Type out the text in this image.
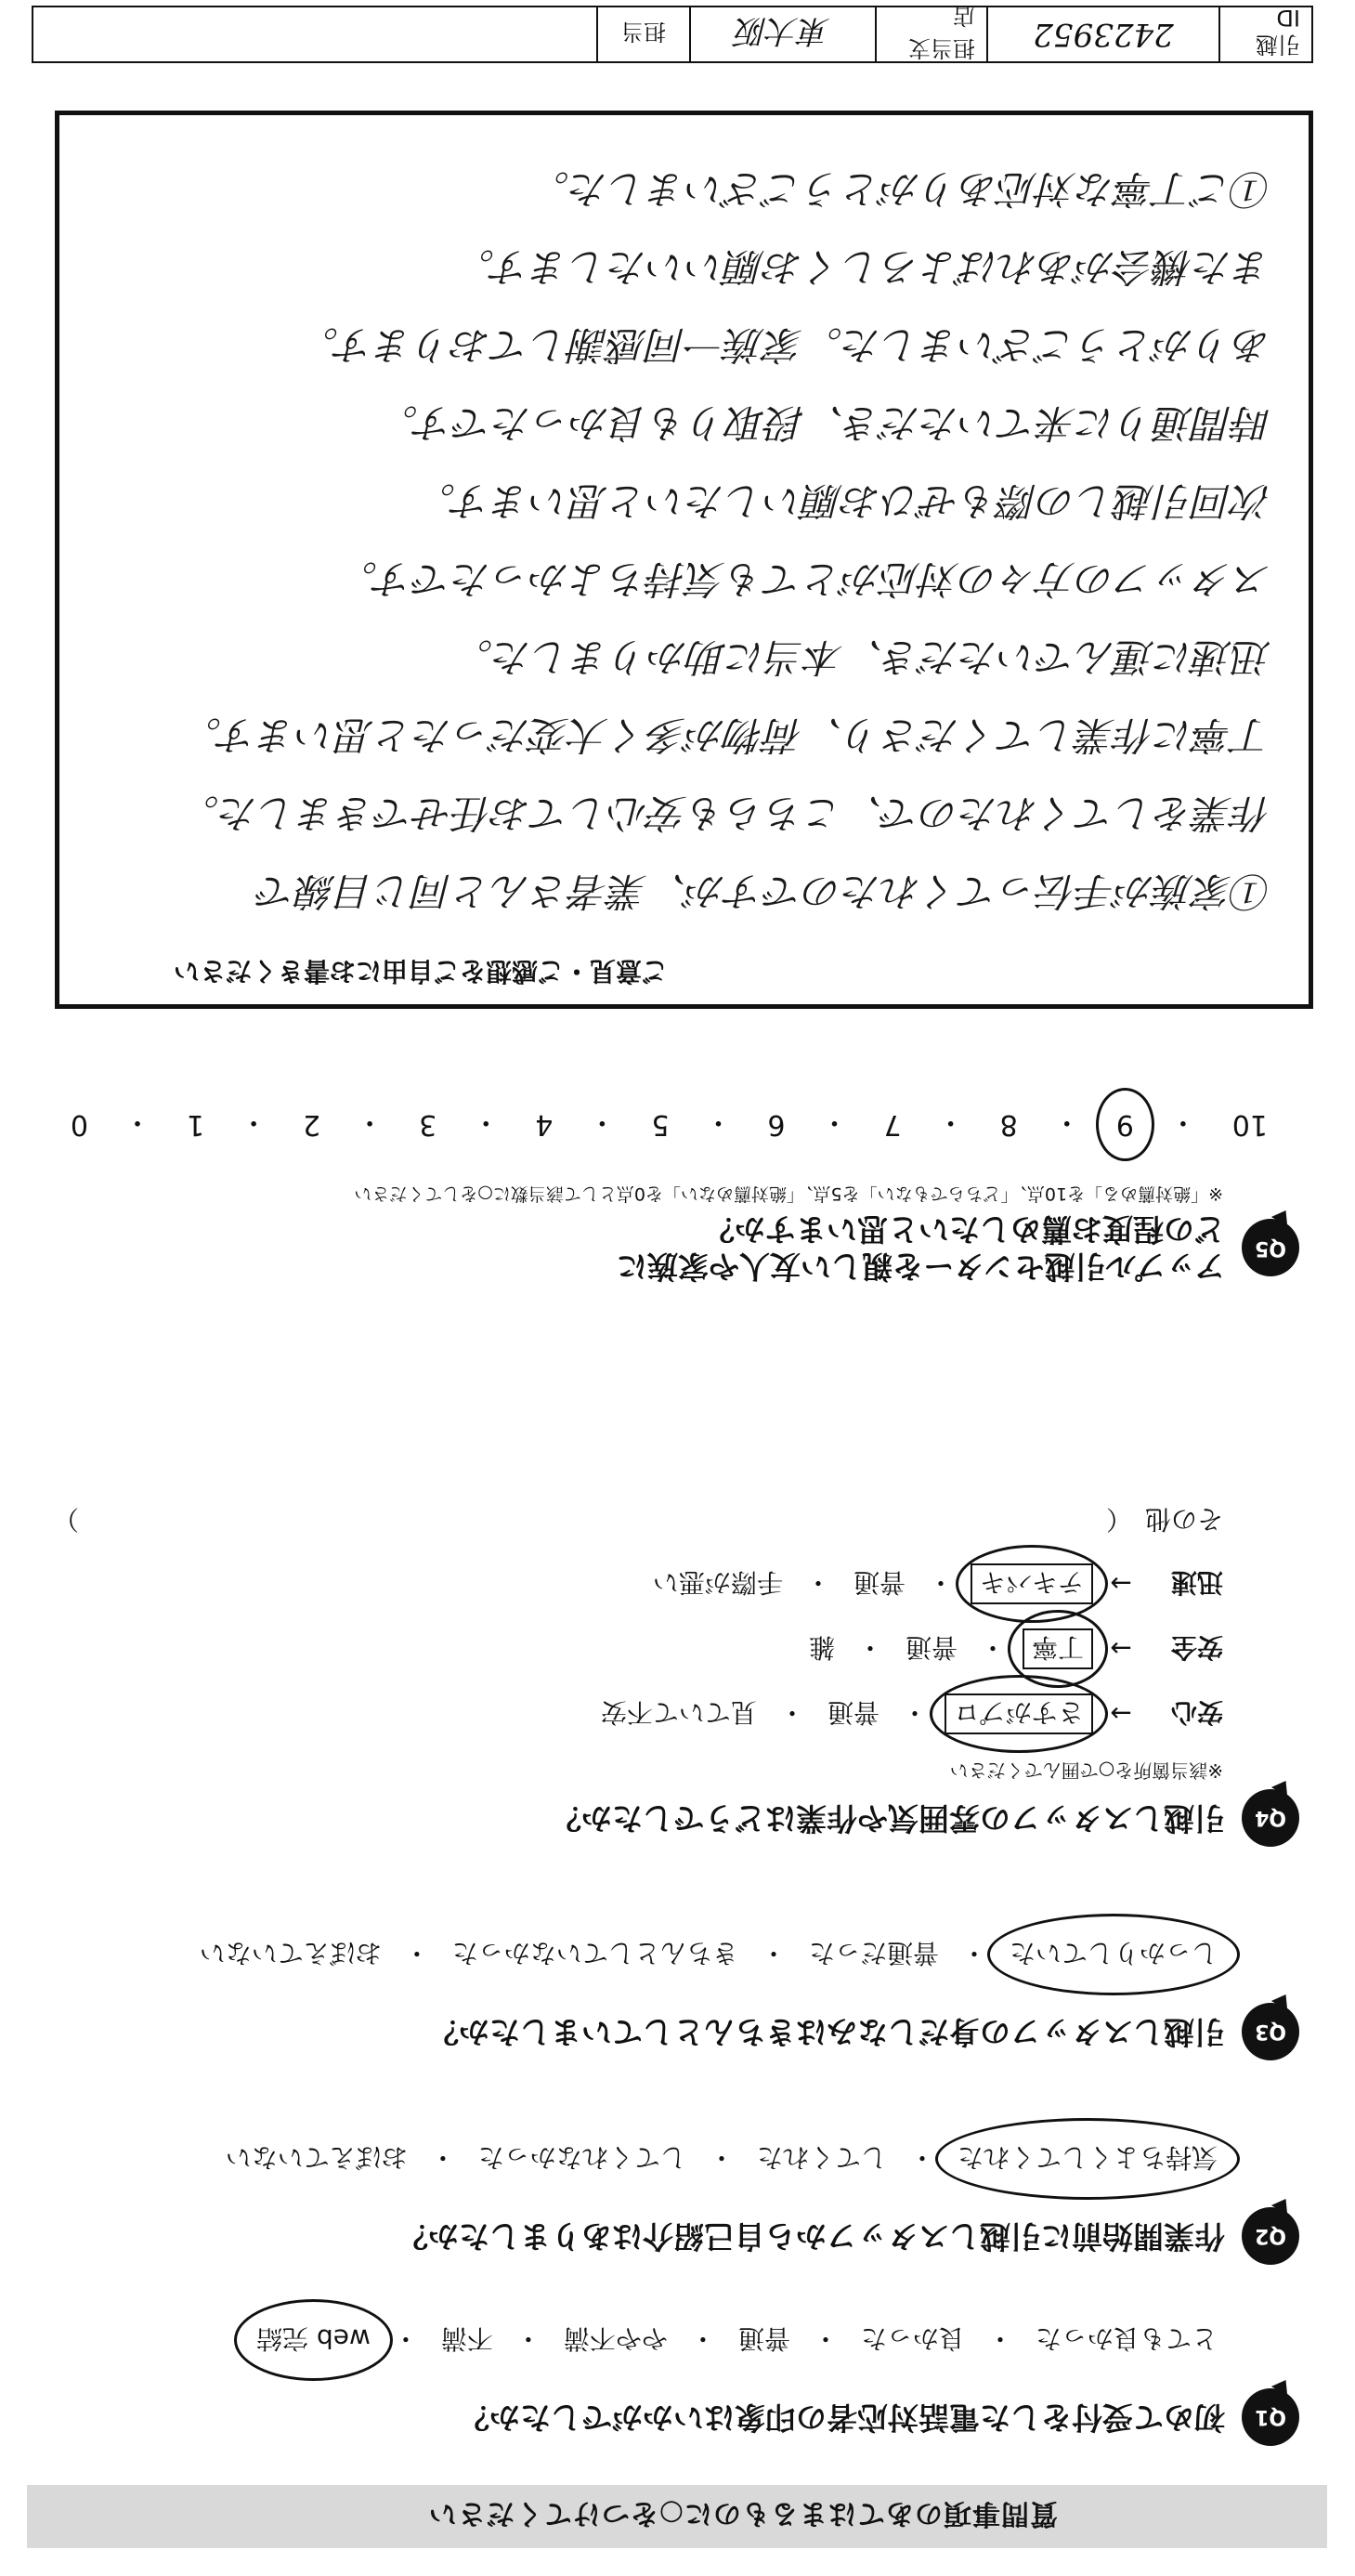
質問事項のあてはまるものに○をつけてください
Q1
初めて受付をした電話対応者の印象はいかがでしたか？
とても良かった
・
良かった
・
普通
・
やや不満
・
不満
・
web 完結
Q2
作業開始前に引越しスタッフから自己紹介はありましたか？
気持ちよくしてくれた
・
してくれた
・
してくれなかった
・
おぼえていない
Q3
引越しスタッフの身だしなみはきちんとしていましたか？
しっかりしていた
・
普通だった
・
きちんとしていなかった
・
おぼえていない
Q4
引越しスタッフの雰囲気や作業はどうでしたか？
※該当箇所を○で囲んでください
安心
→
さすがプロ
・
普通
・
見ていて不安
安全
→
丁寧
・
普通
・
雑
迅速
→
テキパキ
・
普通
・
手際が悪い
その他
（
）
Q5
アップル引越センターを親しい友人や家族に
どの程度お薦めしたいと思いますか？
※「絶対薦める」を10点、「どちらでもない」を5点、「絶対薦めない」を0点として該当数に○をしてください
10
・
9
・
8
・
7
・
6
・
5
・
4
・
3
・
2
・
1
・
0
ご意見・ご感想をご自由にお書きください
①家族が手伝ってくれたのですが、業者さんと同じ目線で
作業をしてくれたので、こちらも安心してお任せできました。
丁寧に作業してくださり、荷物が多く大変だったと思います。
迅速に運んでいただき、本当に助かりました。
スタッフの方々の対応がとても気持ちよかったです。
次回引越しの際もぜひお願いしたいと思います。
時間通りに来ていただき、段取りも良かったです。
ありがとうございました。家族一同感謝しております。
また機会があればよろしくお願いいたします。
①ご丁寧な対応ありがとうございました。
引越 ID
2423952
担当支店
東大阪
担当
